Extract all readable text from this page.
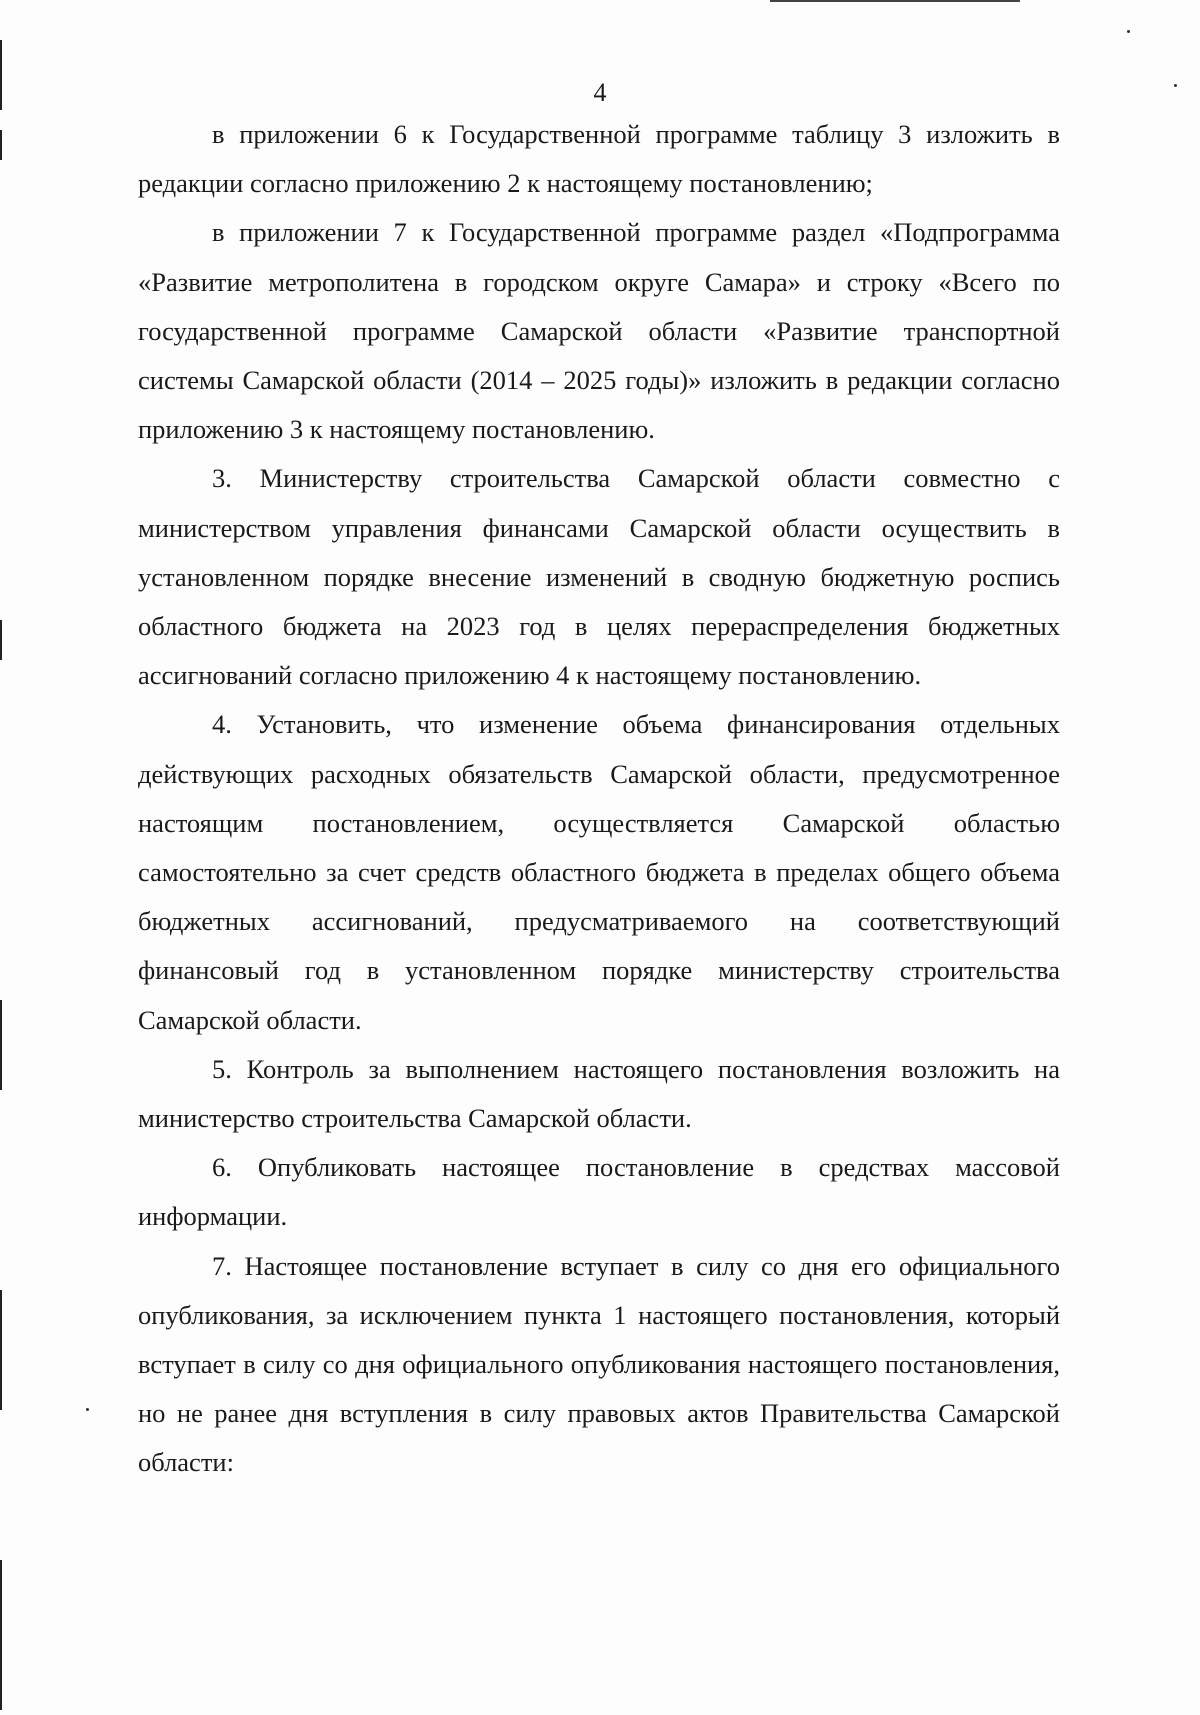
4

в приложении 6 к Государственной программе таблицу 3 изложить в редакции согласно приложению 2 к настоящему постановлению;

в приложении 7 к Государственной программе раздел «Подпрограмма «Развитие метрополитена в городском округе Самара» и строку «Всего по государственной программе Самарской области «Развитие транспортной системы Самарской области (2014 – 2025 годы)» изложить в редакции согласно приложению 3 к настоящему постановлению.

3. Министерству строительства Самарской области совместно с министерством управления финансами Самарской области осуществить в установленном порядке внесение изменений в сводную бюджетную роспись областного бюджета на 2023 год в целях перераспределения бюджетных ассигнований согласно приложению 4 к настоящему постановлению.

4. Установить, что изменение объема финансирования отдельных действующих расходных обязательств Самарской области, предусмотренное настоящим постановлением, осуществляется Самарской областью самостоятельно за счет средств областного бюджета в пределах общего объема бюджетных ассигнований, предусматриваемого на соответствующий финансовый год в установленном порядке министерству строительства Самарской области.

5. Контроль за выполнением настоящего постановления возложить на министерство строительства Самарской области.

6. Опубликовать настоящее постановление в средствах массовой информации.

7. Настоящее постановление вступает в силу со дня его официального опубликования, за исключением пункта 1 настоящего постановления, который вступает в силу со дня официального опубликования настоящего постановления, но не ранее дня вступления в силу правовых актов Правительства Самарской области:
